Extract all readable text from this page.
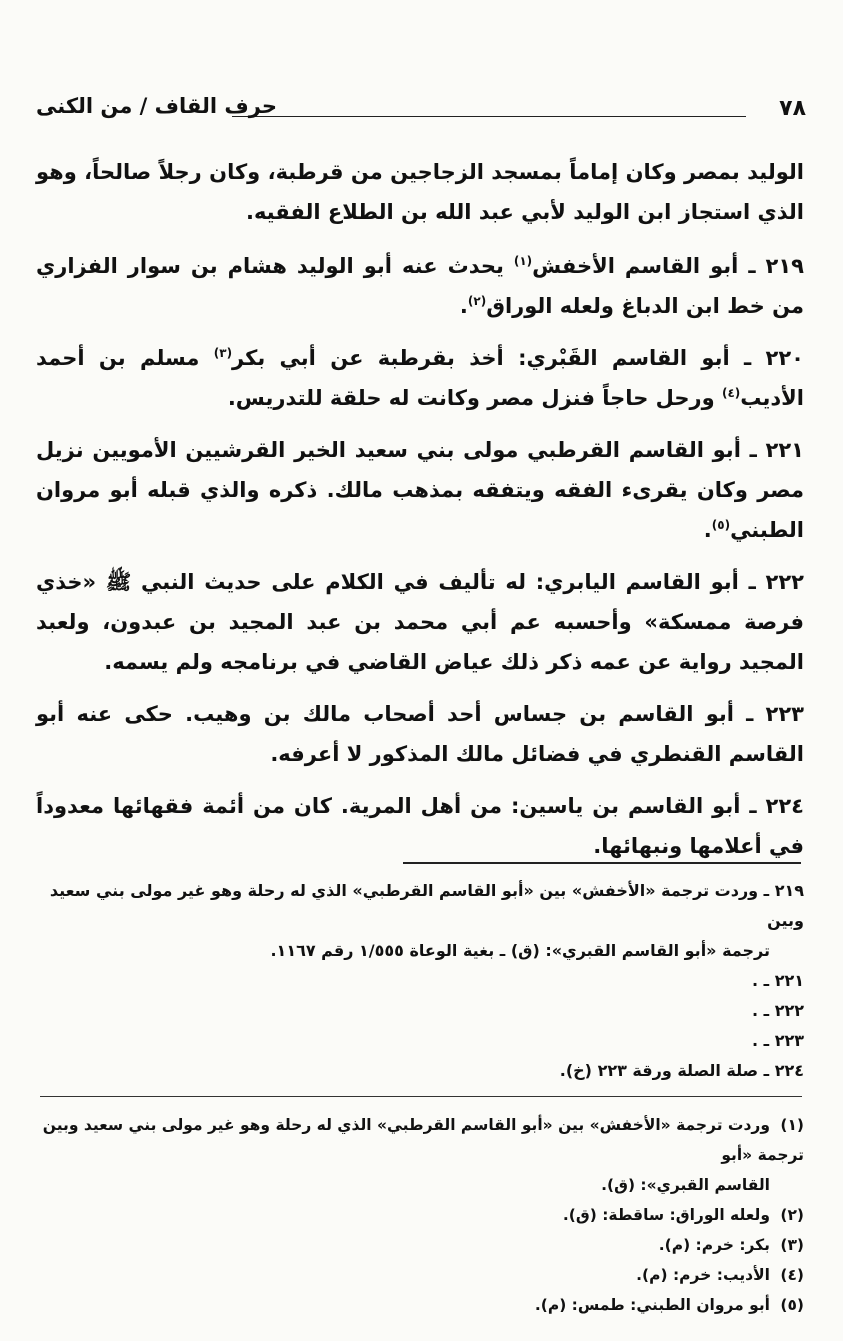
٧٨
حرف القاف / من الكنى

الوليد بمصر وكان إماماً بمسجد الزجاجين من قرطبة، وكان رجلاً صالحاً، وهو الذي استجاز ابن الوليد لأبي عبد الله بن الطلاع الفقيه.

٢١٩ ـ أبو القاسم الأخفش$^{(١)}$ يحدث عنه أبو الوليد هشام بن سوار الفزاري من خط ابن الدباغ ولعله الوراق$^{(٢)}$.

٢٢٠ ـ أبو القاسم القَبْري: أخذ بقرطبة عن أبي بكر$^{(٣)}$ مسلم بن أحمد الأديب$^{(٤)}$ ورحل حاجاً فنزل مصر وكانت له حلقة للتدريس.

٢٢١ ـ أبو القاسم القرطبي مولى بني سعيد الخير القرشيين الأمويين نزيل مصر وكان يقرىء الفقه ويتفقه بمذهب مالك. ذكره والذي قبله أبو مروان الطبني$^{(٥)}$.

٢٢٢ ـ أبو القاسم اليابري: له تأليف في الكلام على حديث النبي ﷺ «خذي فرصة ممسكة» وأحسبه عم أبي محمد بن عبد المجيد بن عبدون، ولعبد المجيد رواية عن عمه ذكر ذلك عياض القاضي في برنامجه ولم يسمه.

٢٢٣ ـ أبو القاسم بن جساس أحد أصحاب مالك بن وهيب. حكى عنه أبو القاسم القنطري في فضائل مالك المذكور لا أعرفه.

٢٢٤ ـ أبو القاسم بن ياسين: من أهل المرية. كان من أئمة فقهائها معدوداً في أعلامها ونبهائها.

٢١٩ ـ وردت ترجمة «الأخفش» بين «أبو القاسم القرطبي» الذي له رحلة وهو غير مولى بني سعيد وبين

ترجمة «أبو القاسم القبري»: (ق) ـ بغية الوعاة ١/٥٥٥ رقم ١١٦٧.

٢٢١ ـ .

٢٢٢ ـ .

٢٢٣ ـ .

٢٢٤ ـ صلة الصلة ورقة ٢٢٣ (خ).

(١)وردت ترجمة «الأخفش» بين «أبو القاسم القرطبي» الذي له رحلة وهو غير مولى بني سعيد وبين ترجمة «أبو

القاسم القبري»: (ق).

(٢)ولعله الوراق: ساقطة: (ق).

(٣)بكر: خرم: (م).

(٤)الأديب: خرم: (م).

(٥)أبو مروان الطبني: طمس: (م).
